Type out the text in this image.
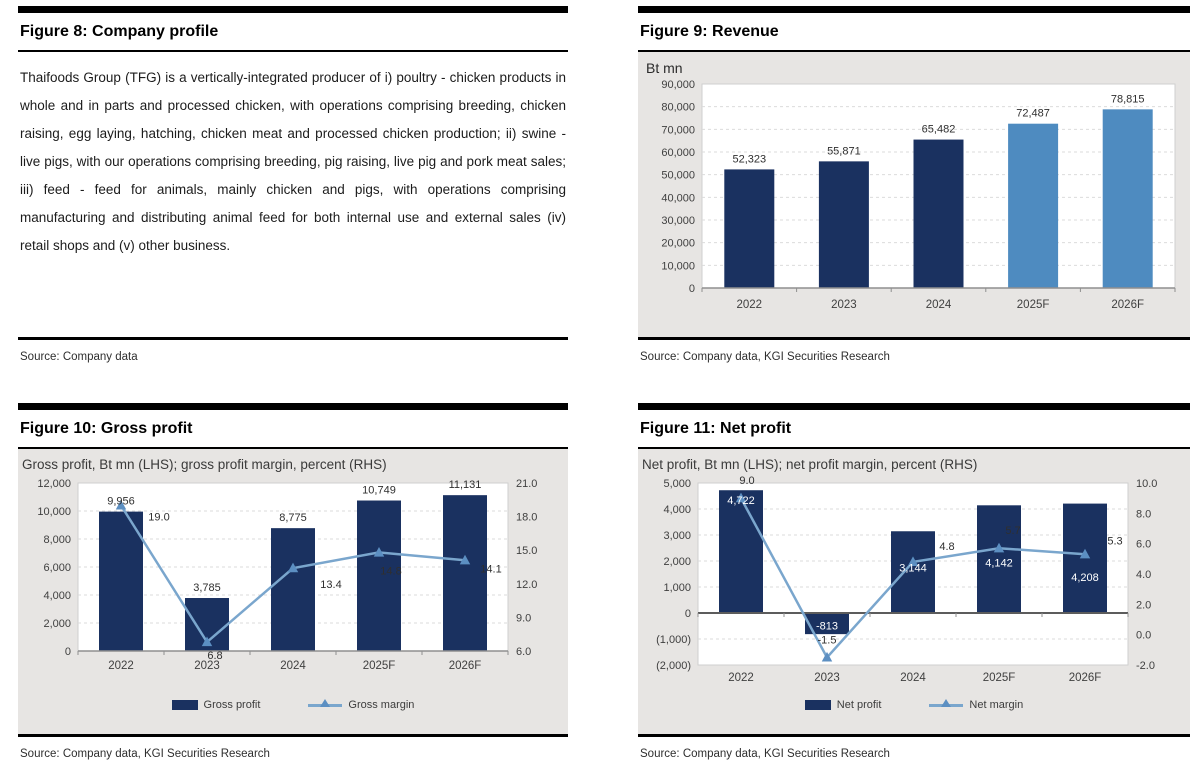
Figure 8: Company profile
Thaifoods Group (TFG) is a vertically-integrated producer of i) poultry - chicken products in whole and in parts and processed chicken, with operations comprising breeding, chicken raising, egg laying, hatching, chicken meat and processed chicken production; ii) swine - live pigs, with our operations comprising breeding, pig raising, live pig and pork meat sales; iii) feed - feed for animals, mainly chicken and pigs, with operations comprising manufacturing and distributing animal feed for both internal use and external sales (iv) retail shops and (v) other business.
Source: Company data
Figure 9: Revenue
Bt mn
0
10,000
20,000
30,000
40,000
50,000
60,000
70,000
80,000
90,000
52,323
55,871
65,482
72,487
78,815
2022	2023	2024	2025F	2026F
Source: Company data, KGI Securities Research
Figure 10: Gross profit
Gross profit, Bt mn (LHS); gross profit margin, percent (RHS)
0
2,000
4,000
6,000
8,000
10,000
12,000
6.0
9.0
12.0
15.0
18.0
21.0
9,956
3,785
8,775
10,749	11,131
19.0
6.8
13.4
14.8	14.1
2022	2023	2024	2025F	2026F
Gross profit	Gross margin
Source: Company data, KGI Securities Research
Figure 11: Net profit
Net profit, Bt mn (LHS); net profit margin, percent (RHS)
(2,000)
(1,000)
0
1,000
2,000
3,000
4,000
5,000
-2.0
0.0
2.0
4.0
6.0
8.0
10.0
4,722
-813
3,144	4,142
4,208
9.0
-1.5
4.8
5.7
5.3
2022	2023	2024	2025F	2026F
Net profit	Net margin
Source: Company data, KGI Securities Research
